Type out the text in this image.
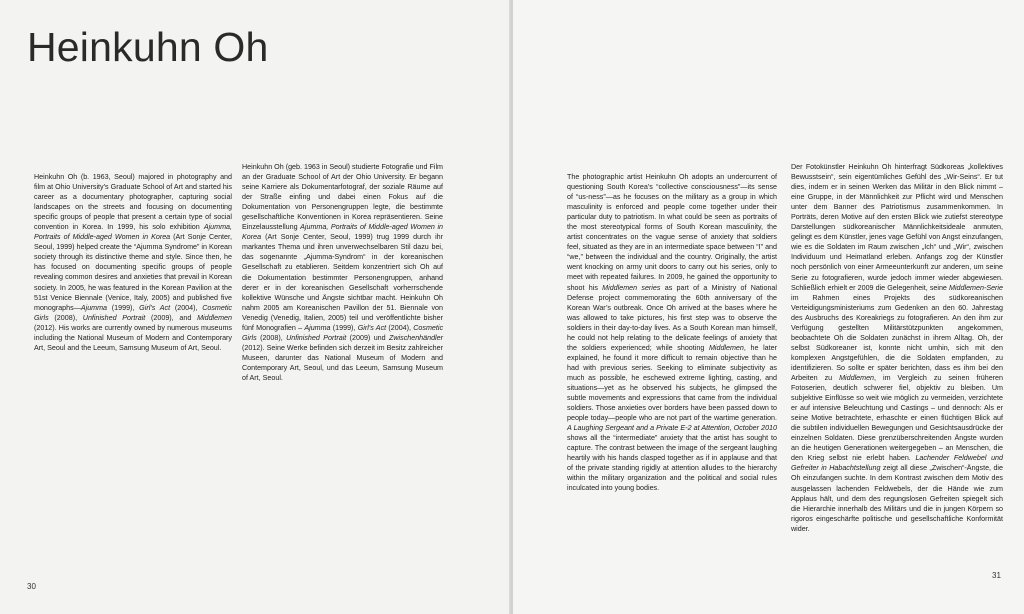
Heinkuhn Oh

Heinkuhn Oh (b. 1963, Seoul) majored in photography and film at Ohio University’s Graduate School of Art and started his career as a documentary photographer, capturing social landscapes on the streets and focusing on documenting specific groups of people that present a certain type of social convention in Korea. In 1999, his solo exhibition Ajumma, Portraits of Middle-aged Women in Korea (Art Sonje Center, Seoul, 1999) helped create the “Ajumma Syndrome” in Korean society through its distinctive theme and style. Since then, he has focused on documenting specific groups of people revealing common desires and anxieties that prevail in Korean society. In 2005, he was featured in the Korean Pavilion at the 51st Venice Biennale (Venice, Italy, 2005) and published five monographs—Ajumma (1999), Girl’s Act (2004), Cosmetic Girls (2008), Unfinished Portrait (2009), and Middlemen (2012). His works are currently owned by numerous museums including the National Museum of Modern and Contemporary Art, Seoul and the Leeum, Samsung Museum of Art, Seoul.

Heinkuhn Oh (geb. 1963 in Seoul) studierte Fotografie und Film an der Graduate School of Art der Ohio University. Er begann seine Karriere als Dokumentarfotograf, der soziale Räume auf der Straße einfing und dabei einen Fokus auf die Dokumentation von Personengruppen legte, die bestimmte gesellschaftliche Konventionen in Korea repräsentieren. Seine Einzelausstellung Ajumma, Portraits of Middle-aged Women in Korea (Art Sonje Center, Seoul, 1999) trug 1999 durch ihr markantes Thema und ihren unverwechselbaren Stil dazu bei, das sogenannte „Ajumma-Syndrom“ in der koreanischen Gesellschaft zu etablieren. Seitdem konzentriert sich Oh auf die Dokumentation bestimmter Personengruppen, anhand derer er in der koreanischen Gesellschaft vorherrschende kollektive Wünsche und Ängste sichtbar macht. Heinkuhn Oh nahm 2005 am Koreanischen Pavillon der 51. Biennale von Venedig (Venedig, Italien, 2005) teil und veröffentlichte bisher fünf Monografien – Ajumma (1999), Girl’s Act (2004), Cosmetic Girls (2008), Unfinished Portrait (2009) und Zwischenhändler (2012). Seine Werke befinden sich derzeit im Besitz zahlreicher Museen, darunter das National Museum of Modern and Contemporary Art, Seoul, und das Leeum, Samsung Museum of Art, Seoul.

30

The photographic artist Heinkuhn Oh adopts an undercurrent of questioning South Korea’s “collective consciousness”—its sense of “us-ness”—as he focuses on the military as a group in which masculinity is enforced and people come together under their particular duty to patriotism. In what could be seen as portraits of the most stereotypical forms of South Korean masculinity, the artist concentrates on the vague sense of anxiety that soldiers feel, situated as they are in an intermediate space between “I” and “we,” between the individual and the country. Originally, the artist went knocking on army unit doors to carry out his series, only to meet with repeated failures. In 2009, he gained the opportunity to shoot his Middlemen series as part of a Ministry of National Defense project commemorating the 60th anniversary of the Korean War’s outbreak. Once Oh arrived at the bases where he was allowed to take pictures, his first step was to observe the soldiers in their day-to-day lives. As a South Korean man himself, he could not help relating to the delicate feelings of anxiety that the soldiers experienced; while shooting Middlemen, he later explained, he found it more difficult to remain objective than he had with previous series. Seeking to eliminate subjectivity as much as possible, he eschewed extreme lighting, casting, and situations—yet as he observed his subjects, he glimpsed the subtle movements and expressions that came from the individual soldiers. Those anxieties over borders have been passed down to people today—people who are not part of the wartime generation. A Laughing Sergeant and a Private E-2 at Attention, October 2010 shows all the “intermediate” anxiety that the artist has sought to capture. The contrast between the image of the sergeant laughing heartily with his hands clasped together as if in applause and that of the private standing rigidly at attention alludes to the hierarchy within the military organization and the political and social rules inculcated into young bodies.

Der Fotokünstler Heinkuhn Oh hinterfragt Südkoreas „kollektives Bewusstsein“, sein eigentümliches Gefühl des „Wir-Seins“. Er tut dies, indem er in seinen Werken das Militär in den Blick nimmt – eine Gruppe, in der Männlichkeit zur Pflicht wird und Menschen unter dem Banner des Patriotismus zusammenkommen. In Porträts, deren Motive auf den ersten Blick wie zutiefst stereotype Darstellungen südkoreanischer Männlichkeitsideale anmuten, gelingt es dem Künstler, jenes vage Gefühl von Angst einzufangen, wie es die Soldaten im Raum zwischen „Ich“ und „Wir“, zwischen Individuum und Heimatland erleben. Anfangs zog der Künstler noch persönlich von einer Armeeunterkunft zur anderen, um seine Serie zu fotografieren, wurde jedoch immer wieder abgewiesen. Schließlich erhielt er 2009 die Gelegenheit, seine Middlemen-Serie im Rahmen eines Projekts des südkoreanischen Verteidigungsministeriums zum Gedenken an den 60. Jahrestag des Ausbruchs des Koreakriegs zu fotografieren. An den ihm zur Verfügung gestellten Militärstützpunkten angekommen, beobachtete Oh die Soldaten zunächst in ihrem Alltag. Oh, der selbst Südkoreaner ist, konnte nicht umhin, sich mit den komplexen Angstgefühlen, die die Soldaten empfanden, zu identifizieren. So sollte er später berichten, dass es ihm bei den Arbeiten zu Middlemen, im Vergleich zu seinen früheren Fotoserien, deutlich schwerer fiel, objektiv zu bleiben. Um subjektive Einflüsse so weit wie möglich zu vermeiden, verzichtete er auf intensive Beleuchtung und Castings – und dennoch: Als er seine Motive betrachtete, erhaschte er einen flüchtigen Blick auf die subtilen individuellen Bewegungen und Gesichtsausdrücke der einzelnen Soldaten. Diese grenzüberschreitenden Ängste wurden an die heutigen Generationen weitergegeben – an Menschen, die den Krieg selbst nie erlebt haben. Lachender Feldwebel und Gefreiter in Habachtstellung zeigt all diese „Zwischen“-Ängste, die Oh einzufangen suchte. In dem Kontrast zwischen dem Motiv des ausgelassen lachenden Feldwebels, der die Hände wie zum Applaus hält, und dem des regungslosen Gefreiten spiegelt sich die Hierarchie innerhalb des Militärs und die in jungen Körpern so rigoros eingeschärfte politische und gesellschaftliche Konformität wider.

31
